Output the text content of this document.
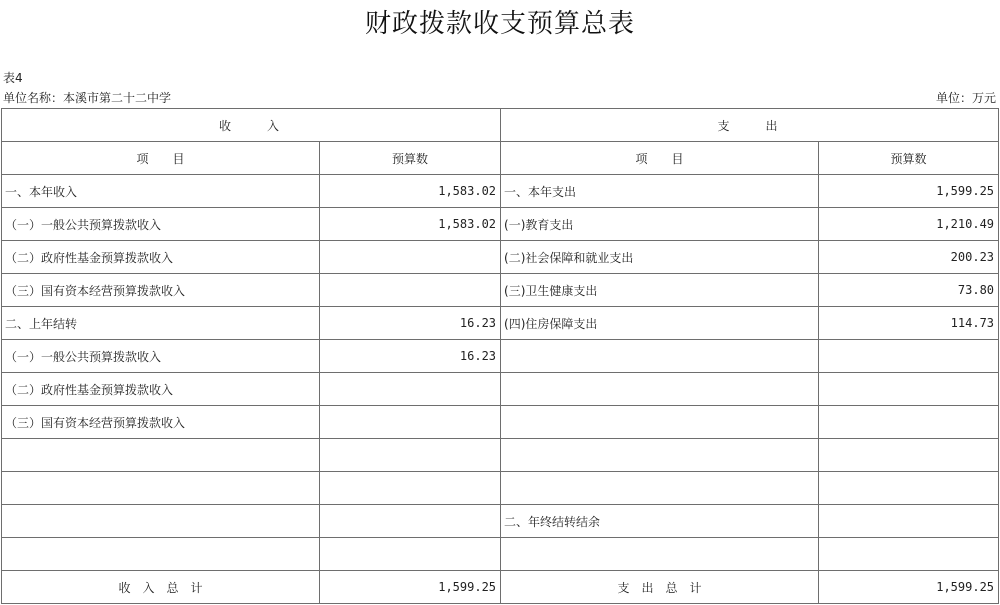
财政拨款收支预算总表
表4
单位名称：本溪市第二十二中学	单位：万元
收　　入		支　　出	
项　　目	预算数	项　　目	预算数
一、本年收入	1,583.02	一、本年支出	1,599.25
（一）一般公共预算拨款收入	1,583.02	(一)教育支出	1,210.49
（二）政府性基金预算拨款收入		(二)社会保障和就业支出	200.23
（三）国有资本经营预算拨款收入		(三)卫生健康支出	73.80
二、上年结转	16.23	(四)住房保障支出	114.73
（一）一般公共预算拨款收入	16.23		
（二）政府性基金预算拨款收入			
（三）国有资本经营预算拨款收入			

		二、年终结转结余	

收　入　总　计	1,599.25	支　出　总　计	1,599.25
